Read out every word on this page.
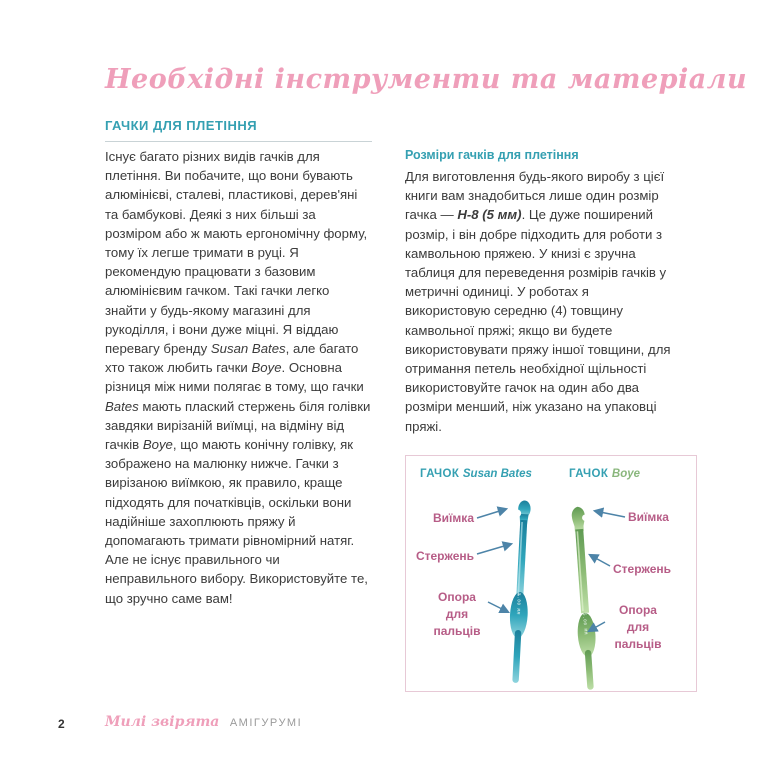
Необхідні інструменти та матеріали
ГАЧКИ ДЛЯ ПЛЕТІННЯ

Існує багато різних видів гачків для плетіння. Ви побачите, що вони бувають алюмінієві, сталеві, пластикові, дерев'яні та бамбукові. Деякі з них більші за розміром або ж мають ергономічну форму, тому їх легше тримати в руці. Я рекомендую працювати з базовим алюмінієвим гачком. Такі гачки легко знайти у будь-якому магазині для рукоділля, і вони дуже міцні. Я віддаю перевагу бренду Susan Bates, але багато хто також любить гачки Boye. Основна різниця між ними полягає в тому, що гачки Bates мають плаский стержень біля голівки завдяки вирізаній виїмці, на відміну від гачків Boye, що мають конічну голівку, як зображено на малюнку нижче. Гачки з вирізаною виїмкою, як правило, краще підходять для початківців, оскільки вони надійніше захоплюють пряжу й допомагають тримати рівномірний натяг. Але не існує правильного чи неправильного вибору. Використовуйте те, що зручно саме вам!

Розміри гачків для плетіння

Для виготовлення будь-якого виробу з цієї книги вам знадобиться лише один розмір гачка — H-8 (5 мм). Це дуже поширений розмір, і він добре підходить для роботи з камвольною пряжею. У книзі є зручна таблиця для переведення розмірів гачків у метричні одиниці. У роботах я використовую середню (4) товщину камвольної пряжі; якщо ви будете використовувати пряжу іншої товщини, для отримання петель необхідної щільності використовуйте гачок на один або два розміри менший, ніж указано на упаковці пряжі.

ГАЧОК Susan Bates	ГАЧОК Boye
5.00 MM
5.00 MM
Виїмка
Стержень
Опора для пальців
Виїмка
Стержень
Опора для пальців
2	Милі звірята АМІГУРУМІ
